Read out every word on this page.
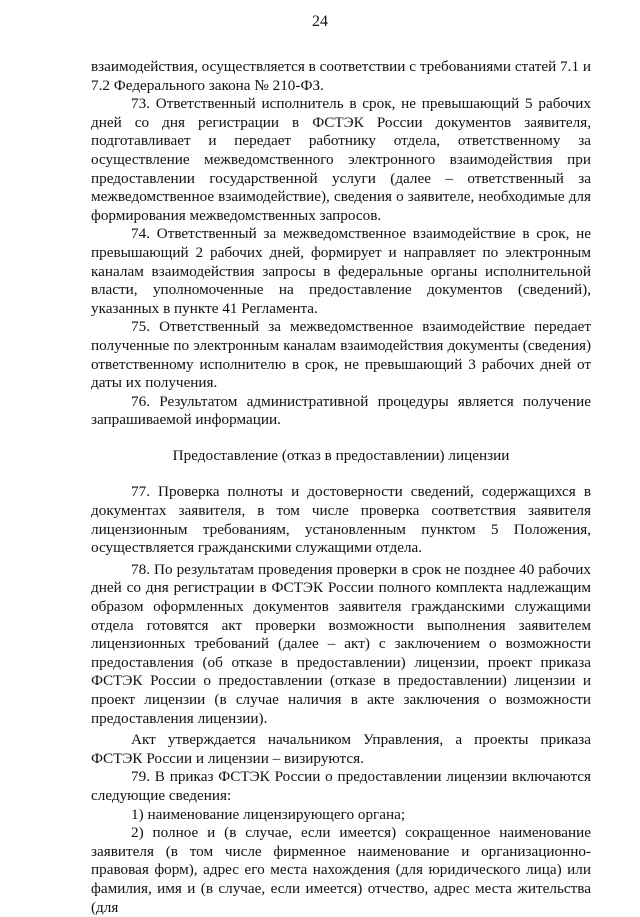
24

взаимодействия, осуществляется в соответствии с требованиями статей 7.1 и 7.2 Федерального закона № 210-ФЗ.

73. Ответственный исполнитель в срок, не превышающий 5 рабочих дней со дня регистрации в ФСТЭК России документов заявителя, подготавливает и передает работнику отдела, ответственному за осуществление межведомственного электронного взаимодействия при предоставлении государственной услуги (далее – ответственный за межведомственное взаимодействие), сведения о заявителе, необходимые для формирования межведомственных запросов.

74. Ответственный за межведомственное взаимодействие в срок, не превышающий 2 рабочих дней, формирует и направляет по электронным каналам взаимодействия запросы в федеральные органы исполнительной власти, уполномоченные на предоставление документов (сведений), указанных в пункте 41 Регламента.

75. Ответственный за межведомственное взаимодействие передает полученные по электронным каналам взаимодействия документы (сведения) ответственному исполнителю в срок, не превышающий 3 рабочих дней от даты их получения.

76. Результатом административной процедуры является получение запрашиваемой информации.

Предоставление (отказ в предоставлении) лицензии

77. Проверка полноты и достоверности сведений, содержащихся в документах заявителя, в том числе проверка соответствия заявителя лицензионным требованиям, установленным пунктом 5 Положения, осуществляется гражданскими служащими отдела.

78. По результатам проведения проверки в срок не позднее 40 рабочих дней со дня регистрации в ФСТЭК России полного комплекта надлежащим образом оформленных документов заявителя гражданскими служащими отдела готовятся акт проверки возможности выполнения заявителем лицензионных требований (далее – акт) с заключением о возможности предоставления (об отказе в предоставлении) лицензии, проект приказа ФСТЭК России о предоставлении (отказе в предоставлении) лицензии и проект лицензии (в случае наличия в акте заключения о возможности предоставления лицензии).

Акт утверждается начальником Управления, а проекты приказа ФСТЭК России и лицензии – визируются.

79. В приказ ФСТЭК России о предоставлении лицензии включаются следующие сведения:

1) наименование лицензирующего органа;

2) полное и (в случае, если имеется) сокращенное наименование заявителя (в том числе фирменное наименование и организационно-правовая форм), адрес его места нахождения (для юридического лица) или фамилия, имя и (в случае, если имеется) отчество, адрес места жительства (для
